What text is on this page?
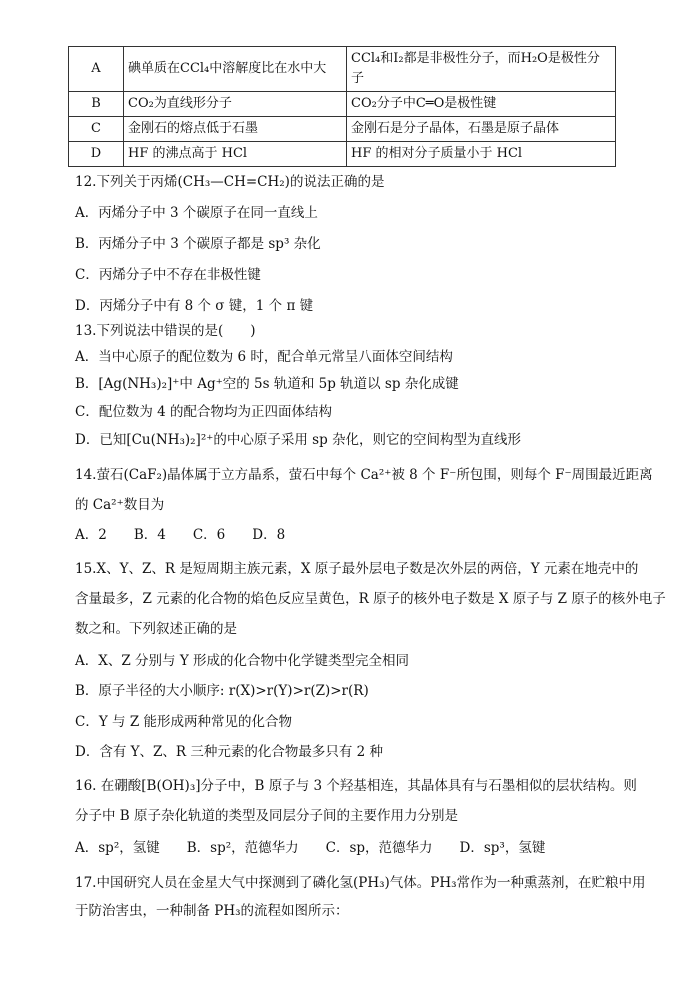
A	碘单质在CCl₄中溶解度比在水中大	CCl₄和I₂都是非极性分子，而H₂O是极性分子
B	CO₂为直线形分子	CO₂分子中C═O是极性键
C	金刚石的熔点低于石墨	金刚石是分子晶体，石墨是原子晶体
D	HF 的沸点高于 HCl	HF 的相对分子质量小于 HCl
12.下列关于丙烯(CH₃—CH=CH₂)的说法正确的是
A．丙烯分子中 3 个碳原子在同一直线上
B．丙烯分子中 3 个碳原子都是 sp³ 杂化
C．丙烯分子中不存在非极性键
D．丙烯分子中有 8 个 σ 键，1 个 π 键
13.下列说法中错误的是(　　)
A．当中心原子的配位数为 6 时，配合单元常呈八面体空间结构
B．[Ag(NH₃)₂]⁺中 Ag⁺空的 5s 轨道和 5p 轨道以 sp 杂化成键
C．配位数为 4 的配合物均为正四面体结构
D．已知[Cu(NH₃)₂]²⁺的中心原子采用 sp 杂化，则它的空间构型为直线形
14.萤石(CaF₂)晶体属于立方晶系，萤石中每个 Ca²⁺被 8 个 F⁻所包围，则每个 F⁻周围最近距离
的 Ca²⁺数目为
A．2　　B．4　　C．6　　D．8
15.X、Y、Z、R 是短周期主族元素，X 原子最外层电子数是次外层的两倍，Y 元素在地壳中的
含量最多，Z 元素的化合物的焰色反应呈黄色，R 原子的核外电子数是 X 原子与 Z 原子的核外电子
数之和。下列叙述正确的是
A．X、Z 分别与 Y 形成的化合物中化学键类型完全相同
B．原子半径的大小顺序: r(X)>r(Y)>r(Z)>r(R)
C．Y 与 Z 能形成两种常见的化合物
D．含有 Y、Z、R 三种元素的化合物最多只有 2 种
16. 在硼酸[B(OH)₃]分子中，B 原子与 3 个羟基相连，其晶体具有与石墨相似的层状结构。则
分子中 B 原子杂化轨道的类型及同层分子间的主要作用力分别是
A．sp²，氢键　　B．sp²，范德华力　　C．sp，范德华力　　D．sp³，氢键
17.中国研究人员在金星大气中探测到了磷化氢(PH₃)气体。PH₃常作为一种熏蒸剂，在贮粮中用
于防治害虫，一种制备 PH₃的流程如图所示：
